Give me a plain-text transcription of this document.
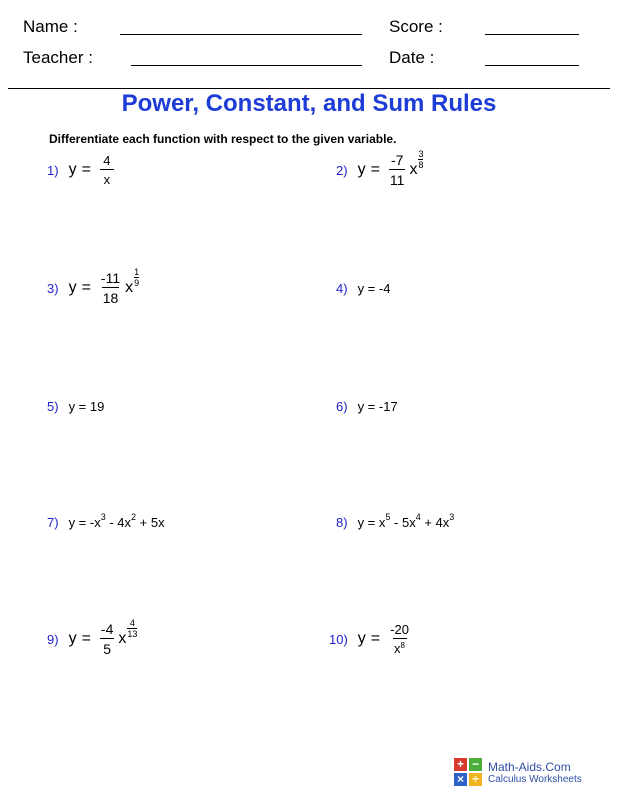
Name :	Score :
Teacher :	Date :
Power, Constant, and Sum Rules
Differentiate each function with respect to the given variable.
1) $y = \frac{4}{x}$	2) $y = \frac{-7}{11}$ x $\frac{3}{8}$
3) $y = \frac{-11}{18}$ x $\frac{1}{9}$	4) y = -4
5) y = 19	6) y = -17
7) $y = -x^3 - 4x^2 + 5x$	8) $y = x^5 - 5x^4 + 4x^3$
9) $y = \frac{-4}{5}$ x $\frac{4}{13}$	10) $y = \frac{-20}{x^8}$
+ −
× ÷
Math-Aids.Com
Calculus Worksheets
